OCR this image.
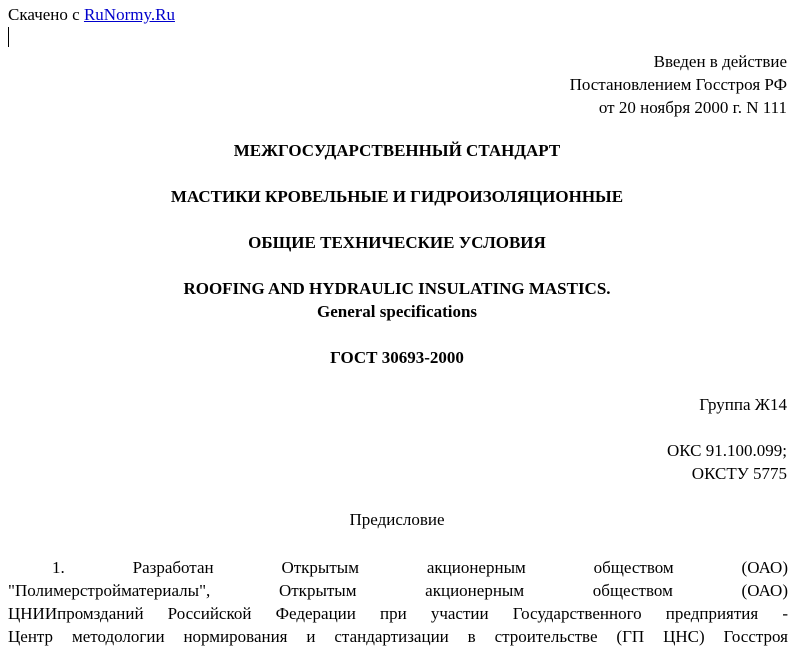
Скачено с RuNormy.Ru
Введен в действие
Постановлением Госстроя РФ
от 20 ноября 2000 г. N 111
МЕЖГОСУДАРСТВЕННЫЙ СТАНДАРТ
МАСТИКИ КРОВЕЛЬНЫЕ И ГИДРОИЗОЛЯЦИОННЫЕ
ОБЩИЕ ТЕХНИЧЕСКИЕ УСЛОВИЯ
ROOFING AND HYDRAULIC INSULATING MASTICS.
General specifications
ГОСТ 30693-2000
Группа Ж14
ОКС 91.100.099;
ОКСТУ 5775
Предисловие
1. Разработан Открытым акционерным обществом (ОАО)
"Полимерстройматериалы", Открытым акционерным обществом (ОАО)
ЦНИИпромзданий Российской Федерации при участии Государственного предприятия -
Центр методологии нормирования и стандартизации в строительстве (ГП ЦНС) Госстроя
